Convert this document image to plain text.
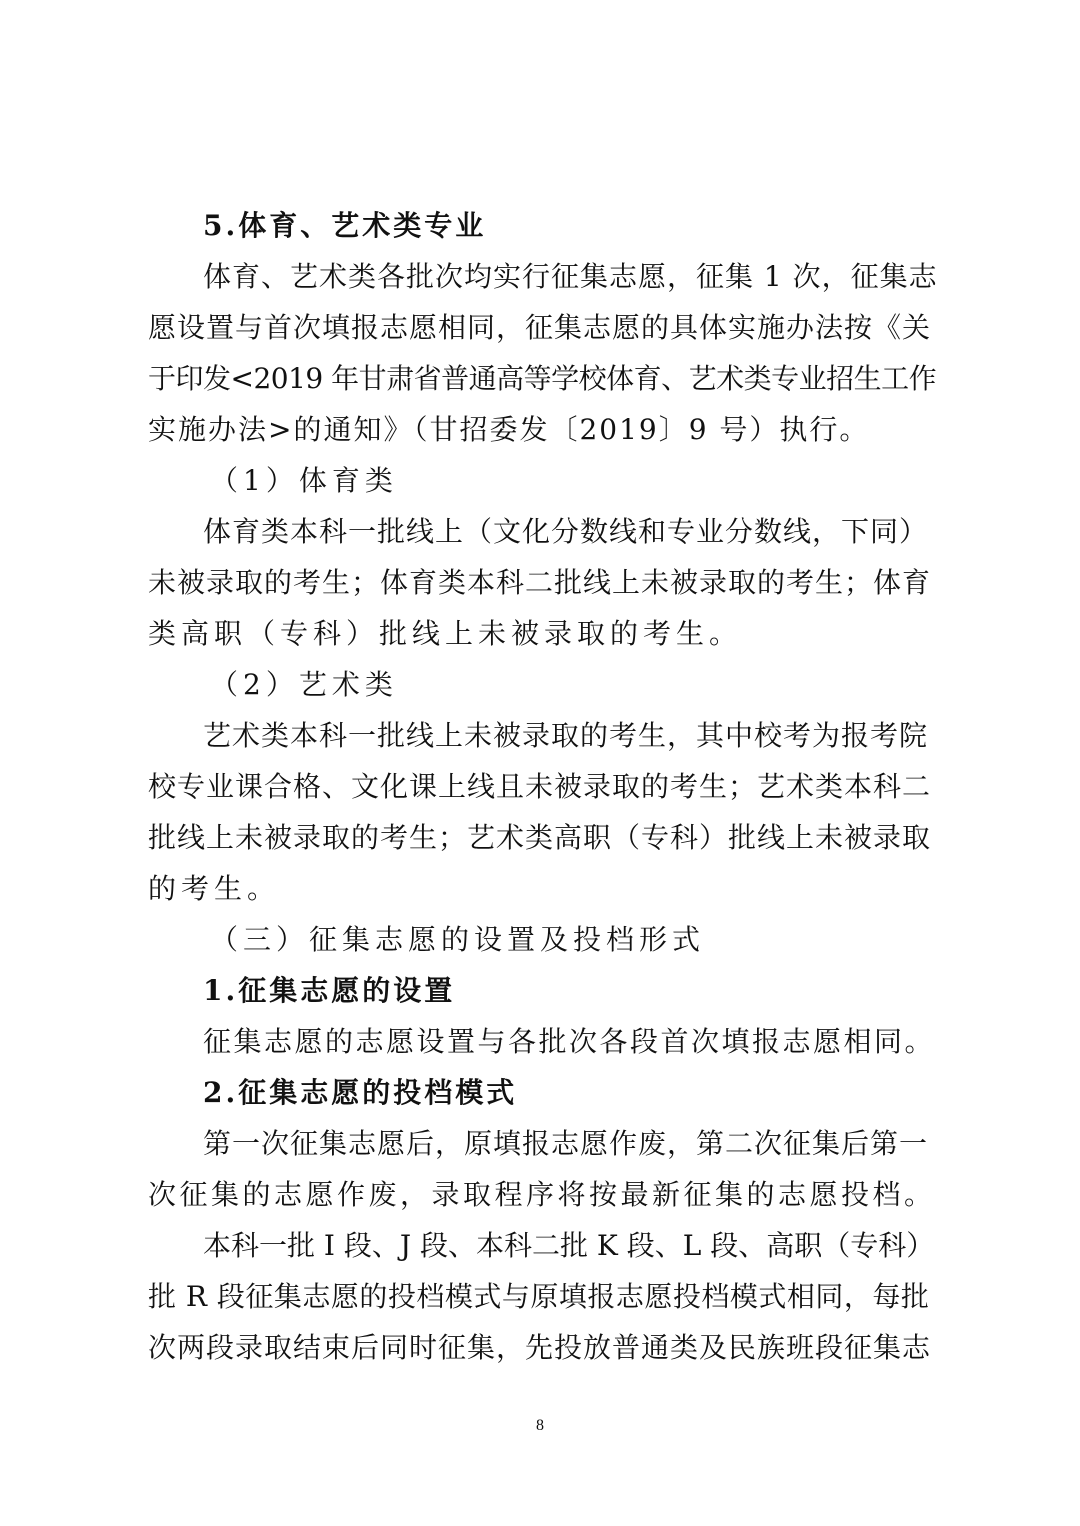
5.体育、艺术类专业
体育、艺术类各批次均实行征集志愿，征集 1 次，征集志
愿设置与首次填报志愿相同，征集志愿的具体实施办法按《关
于印发<2019 年甘肃省普通高等学校体育、艺术类专业招生工作
实施办法>的通知》（甘招委发〔2019〕9 号）执行。
（1）体育类
体育类本科一批线上（文化分数线和专业分数线，下同）
未被录取的考生；体育类本科二批线上未被录取的考生；体育
类高职（专科）批线上未被录取的考生。
（2）艺术类
艺术类本科一批线上未被录取的考生，其中校考为报考院
校专业课合格、文化课上线且未被录取的考生；艺术类本科二
批线上未被录取的考生；艺术类高职（专科）批线上未被录取
的考生。
（三）征集志愿的设置及投档形式
1.征集志愿的设置
征集志愿的志愿设置与各批次各段首次填报志愿相同。
2.征集志愿的投档模式
第一次征集志愿后，原填报志愿作废，第二次征集后第一
次征集的志愿作废，录取程序将按最新征集的志愿投档。
本科一批 I 段、J 段、本科二批 K 段、L 段、高职（专科）
批 R 段征集志愿的投档模式与原填报志愿投档模式相同，每批
次两段录取结束后同时征集，先投放普通类及民族班段征集志
8
